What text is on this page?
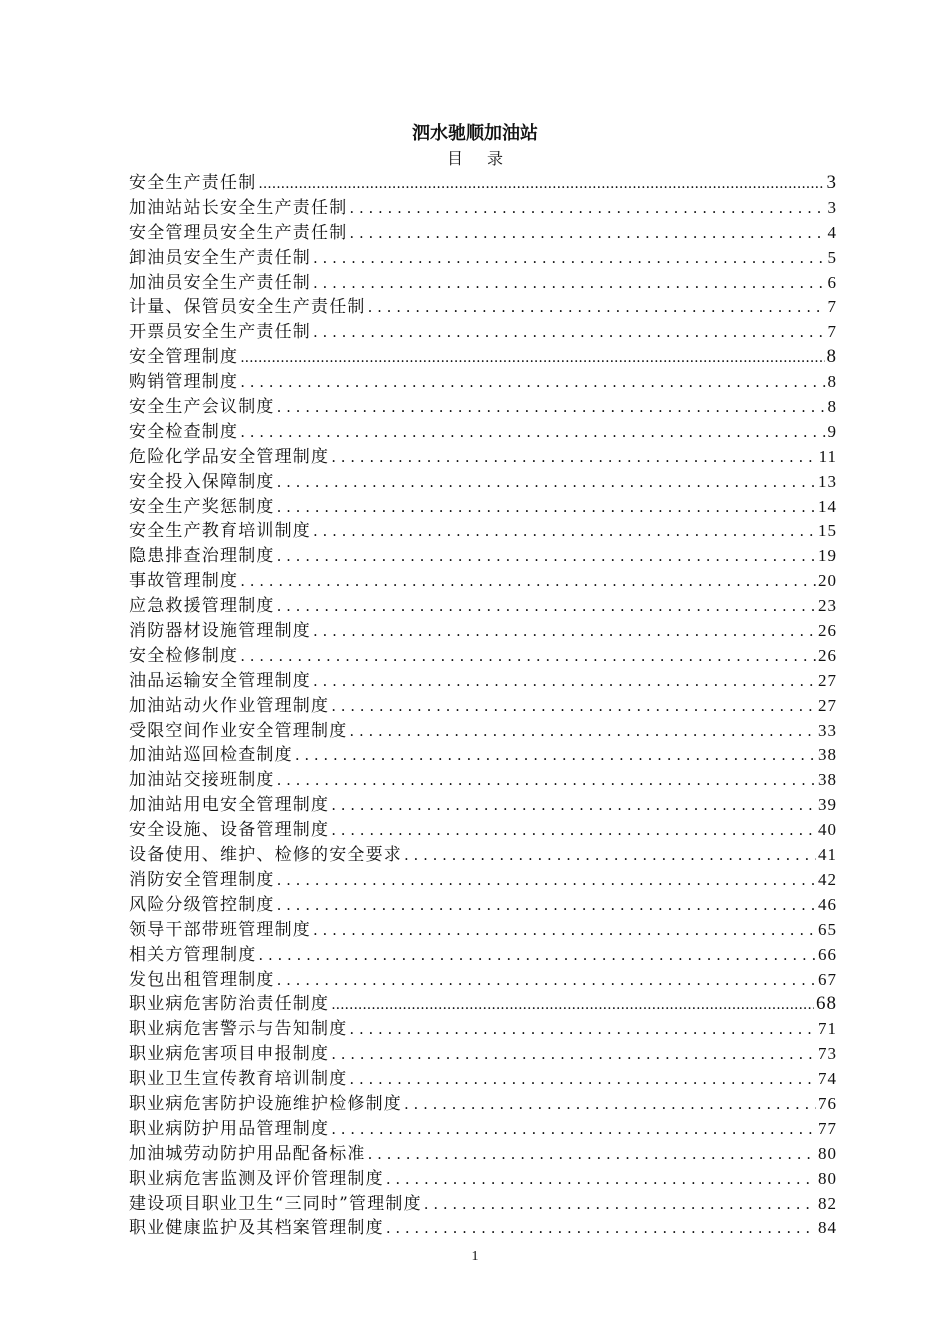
泗水驰顺加油站
目录
安全生产责任制 .....	3
加油站站长安全生产责任制 . . .	3
安全管理员安全生产责任制 . . .	4
卸油员安全生产责任制 . . .	5
加油员安全生产责任制 . . .	6
计量、保管员安全生产责任制 . . .	7
开票员安全生产责任制 . . .	7
安全管理制度 .....	8
购销管理制度 . . .	8
安全生产会议制度 . . .	8
安全检查制度 . . .	9
危险化学品安全管理制度 . . .	11
安全投入保障制度 . . .	13
安全生产奖惩制度 . . .	14
安全生产教育培训制度 . . .	15
隐患排查治理制度 . . .	19
事故管理制度 . . .	20
应急救援管理制度 . . .	23
消防器材设施管理制度 . . .	26
安全检修制度 . . .	26
油品运输安全管理制度 . . .	27
加油站动火作业管理制度 . . .	27
受限空间作业安全管理制度 . . .	33
加油站巡回检查制度 . . .	38
加油站交接班制度 . . .	38
加油站用电安全管理制度 . . .	39
安全设施、设备管理制度 . . .	40
设备使用、维护、检修的安全要求 . . .	41
消防安全管理制度 . . .	42
风险分级管控制度 . . .	46
领导干部带班管理制度 . . .	65
相关方管理制度 . . .	66
发包出租管理制度 . . .	67
职业病危害防治责任制度 .....	68
职业病危害警示与告知制度 . . .	71
职业病危害项目申报制度 . . .	73
职业卫生宣传教育培训制度 . . .	74
职业病危害防护设施维护检修制度 . . .	76
职业病防护用品管理制度 . . .	77
加油城劳动防护用品配备标准 . . .	80
职业病危害监测及评价管理制度 . . .	80
建设项目职业卫生“三同时”管理制度 . . .	82
职业健康监护及其档案管理制度 . . .	84
1
